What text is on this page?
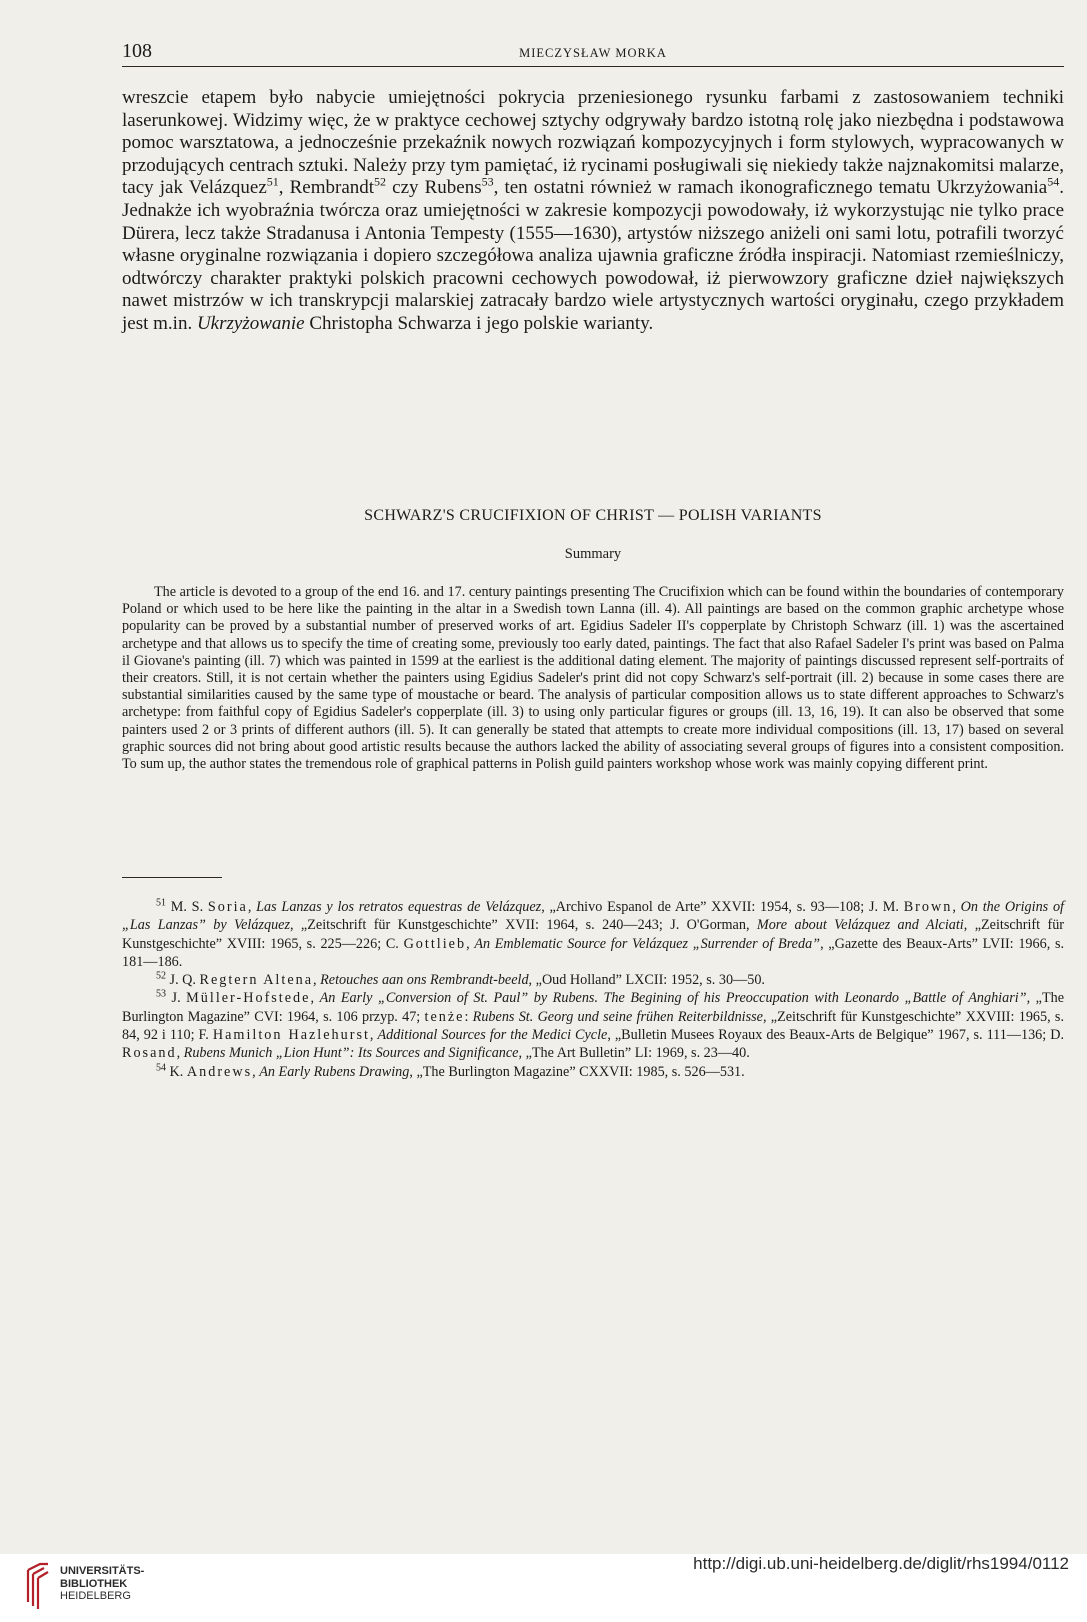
108	MIECZYSŁAW MORKA

wreszcie etapem było nabycie umiejętności pokrycia przeniesionego rysunku farbami z zastosowaniem techniki laserunkowej. Widzimy więc, że w praktyce cechowej sztychy odgrywały bardzo istotną rolę jako niezbędna i podstawowa pomoc warsztatowa, a jednocześnie przekaźnik nowych rozwiązań kompozycyjnych i form stylowych, wypracowanych w przodujących centrach sztuki. Należy przy tym pamiętać, iż rycinami posługiwali się niekiedy także najznakomitsi malarze, tacy jak Velázquez$^{51}$, Rembrandt$^{52}$ czy Rubens$^{53}$, ten ostatni również w ramach ikonograficznego tematu Ukrzyżowania$^{54}$. Jednakże ich wyobraźnia twórcza oraz umiejętności w zakresie kompozycji powodowały, iż wykorzystując nie tylko prace Dürera, lecz także Stradanusa i Antonia Tempesty (1555—1630), artystów niższego aniżeli oni sami lotu, potrafili tworzyć własne oryginalne rozwiązania i dopiero szczegółowa analiza ujawnia graficzne źródła inspiracji. Natomiast rzemieślniczy, odtwórczy charakter praktyki polskich pracowni cechowych powodował, iż pierwowzory graficzne dzieł największych nawet mistrzów w ich transkrypcji malarskiej zatracały bardzo wiele artystycznych wartości oryginału, czego przykładem jest m.in. Ukrzyżowanie Christopha Schwarza i jego polskie warianty.

SCHWARZ'S CRUCIFIXION OF CHRIST — POLISH VARIANTS
Summary

The article is devoted to a group of the end 16. and 17. century paintings presenting The Crucifixion which can be found within the boundaries of contemporary Poland or which used to be here like the painting in the altar in a Swedish town Lanna (ill. 4). All paintings are based on the common graphic archetype whose popularity can be proved by a substantial number of preserved works of art. Egidius Sadeler II's copperplate by Christoph Schwarz (ill. 1) was the ascertained archetype and that allows us to specify the time of creating some, previously too early dated, paintings. The fact that also Rafael Sadeler I's print was based on Palma il Giovane's painting (ill. 7) which was painted in 1599 at the earliest is the additional dating element. The majority of paintings discussed represent self-portraits of their creators. Still, it is not certain whether the painters using Egidius Sadeler's print did not copy Schwarz's self-portrait (ill. 2) because in some cases there are substantial similarities caused by the same type of moustache or beard. The analysis of particular composition allows us to state different approaches to Schwarz's archetype: from faithful copy of Egidius Sadeler's copperplate (ill. 3) to using only particular figures or groups (ill. 13, 16, 19). It can also be observed that some painters used 2 or 3 prints of different authors (ill. 5). It can generally be stated that attempts to create more individual compositions (ill. 13, 17) based on several graphic sources did not bring about good artistic results because the authors lacked the ability of associating several groups of figures into a consistent composition. To sum up, the author states the tremendous role of graphical patterns in Polish guild painters workshop whose work was mainly copying different print.

$^{51}$ M. S. Soria, Las Lanzas y los retratos equestras de Velázquez, „Archivo Espanol de Arte” XXVII: 1954, s. 93—108; J. M. Brown, On the Origins of „Las Lanzas” by Velázquez, „Zeitschrift für Kunstgeschichte” XVII: 1964, s. 240—243; J. O'Gorman, More about Velázquez and Alciati, „Zeitschrift für Kunstgeschichte” XVIII: 1965, s. 225—226; C. Gottlieb, An Emblematic Source for Velázquez „Surrender of Breda”, „Gazette des Beaux-Arts” LVII: 1966, s. 181—186.

$^{52}$ J. Q. Regtern Altena, Retouches aan ons Rembrandt-beeld, „Oud Holland” LXCII: 1952, s. 30—50.

$^{53}$ J. Müller-Hofstede, An Early „Conversion of St. Paul” by Rubens. The Begining of his Preoccupation with Leonardo „Battle of Anghiari”, „The Burlington Magazine” CVI: 1964, s. 106 przyp. 47; tenże: Rubens St. Georg und seine frühen Reiterbildnisse, „Zeitschrift für Kunstgeschichte” XXVIII: 1965, s. 84, 92 i 110; F. Hamilton Hazlehurst, Additional Sources for the Medici Cycle, „Bulletin Musees Royaux des Beaux-Arts de Belgique” 1967, s. 111—136; D. Rosand, Rubens Munich „Lion Hunt”: Its Sources and Significance, „The Art Bulletin” LI: 1969, s. 23—40.

$^{54}$ K. Andrews, An Early Rubens Drawing, „The Burlington Magazine” CXXVII: 1985, s. 526—531.

UNIVERSITÄTS-
BIBLIOTHEK
HEIDELBERG
http://digi.ub.uni-heidelberg.de/diglit/rhs1994/0112
